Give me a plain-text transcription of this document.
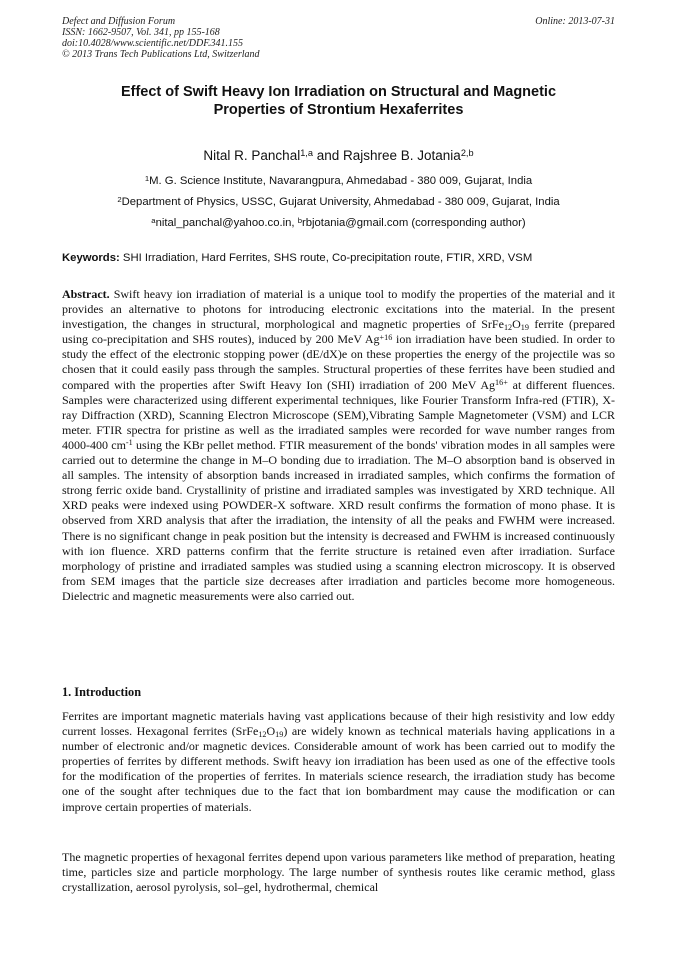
Defect and Diffusion Forum
ISSN: 1662-9507, Vol. 341, pp 155-168
doi:10.4028/www.scientific.net/DDF.341.155
© 2013 Trans Tech Publications Ltd, Switzerland
Online: 2013-07-31
Effect of Swift Heavy Ion Irradiation on Structural and Magnetic
Properties of Strontium Hexaferrites
Nital R. Panchal$^{1,a}$ and Rajshree B. Jotania$^{2,b}$
$^1$M. G. Science Institute, Navarangpura, Ahmedabad - 380 009, Gujarat, India
$^2$Department of Physics, USSC, Gujarat University, Ahmedabad - 380 009, Gujarat, India
$^a$nital_panchal@yahoo.co.in, $^b$rbjotania@gmail.com (corresponding author)
Keywords: SHI Irradiation, Hard Ferrites, SHS route, Co-precipitation route, FTIR, XRD, VSM
Abstract. Swift heavy ion irradiation of material is a unique tool to modify the properties of the material and it provides an alternative to photons for introducing electronic excitations into the material. In the present investigation, the changes in structural, morphological and magnetic properties of $SrFe_{12}O_{19}$ ferrite (prepared using co-precipitation and SHS routes), induced by 200 MeV $Ag^{+16}$ ion irradiation have been studied. In order to study the effect of the electronic stopping power (dE/dX)e on these properties the energy of the projectile was so chosen that it could easily pass through the samples. Structural properties of these ferrites have been studied and compared with the properties after Swift Heavy Ion (SHI) irradiation of 200 MeV $Ag^{16+}$ at different fluences. Samples were characterized using different experimental techniques, like Fourier Transform Infra-red (FTIR), X-ray Diffraction (XRD), Scanning Electron Microscope (SEM),Vibrating Sample Magnetometer (VSM) and LCR meter. FTIR spectra for pristine as well as the irradiated samples were recorded for wave number ranges from 4000-400 $cm^{-1}$ using the KBr pellet method. FTIR measurement of the bonds' vibration modes in all samples were carried out to determine the change in M–O bonding due to irradiation. The M–O absorption band is observed in all samples. The intensity of absorption bands increased in irradiated samples, which confirms the formation of strong ferric oxide band. Crystallinity of pristine and irradiated samples was investigated by XRD technique. All XRD peaks were indexed using POWDER-X software. XRD result confirms the formation of mono phase. It is observed from XRD analysis that after the irradiation, the intensity of all the peaks and FWHM were increased. There is no significant change in peak position but the intensity is decreased and FWHM is increased continuously with ion fluence. XRD patterns confirm that the ferrite structure is retained even after irradiation. Surface morphology of pristine and irradiated samples was studied using a scanning electron microscopy. It is observed from SEM images that the particle size decreases after irradiation and particles become more homogeneous. Dielectric and magnetic measurements were also carried out.
1. Introduction
Ferrites are important magnetic materials having vast applications because of their high resistivity and low eddy current losses. Hexagonal ferrites $(SrFe_{12}O_{19})$ are widely known as technical materials having applications in a number of electronic and/or magnetic devices. Considerable amount of work has been carried out to modify the properties of ferrites by different methods. Swift heavy ion irradiation has been used as one of the effective tools for the modification of the properties of ferrites. In materials science research, the irradiation study has become one of the sought after techniques due to the fact that ion bombardment may cause the modification or can improve certain properties of materials.
The magnetic properties of hexagonal ferrites depend upon various parameters like method of preparation, heating time, particles size and particle morphology. The large number of synthesis routes like ceramic method, glass crystallization, aerosol pyrolysis, sol–gel, hydrothermal, chemical
